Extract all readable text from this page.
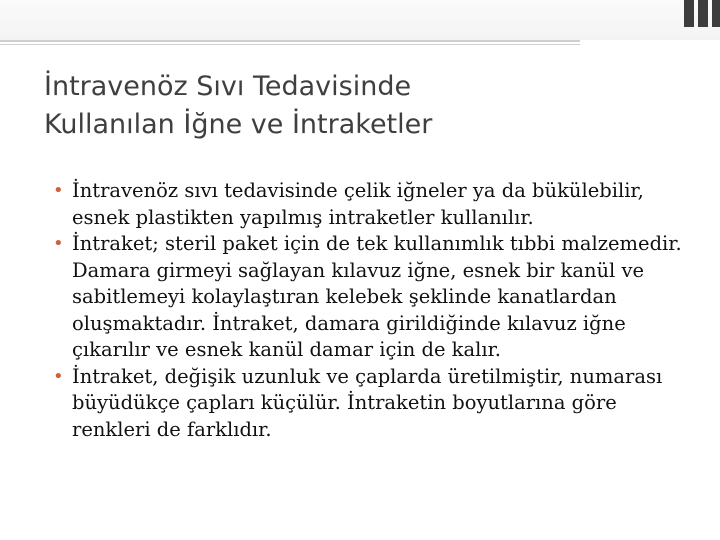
İntravenöz Sıvı Tedavisinde
Kullanılan İğne ve İntraketler
• İntravenöz sıvı tedavisinde çelik iğneler ya da bükülebilir, esnek plastikten yapılmış intraketler kullanılır.
• İntraket; steril paket için de tek kullanımlık tıbbi malzemedir. Damara girmeyi sağlayan kılavuz iğne, esnek bir kanül ve sabitlemeyi kolaylaştıran kelebek şeklinde kanatlardan oluşmaktadır. İntraket, damara girildiğinde kılavuz iğne çıkarılır ve esnek kanül damar için de kalır.
• İntraket, değişik uzunluk ve çaplarda üretilmiştir, numarası büyüdükçe çapları küçülür. İntraketin boyutlarına göre renkleri de farklıdır.
